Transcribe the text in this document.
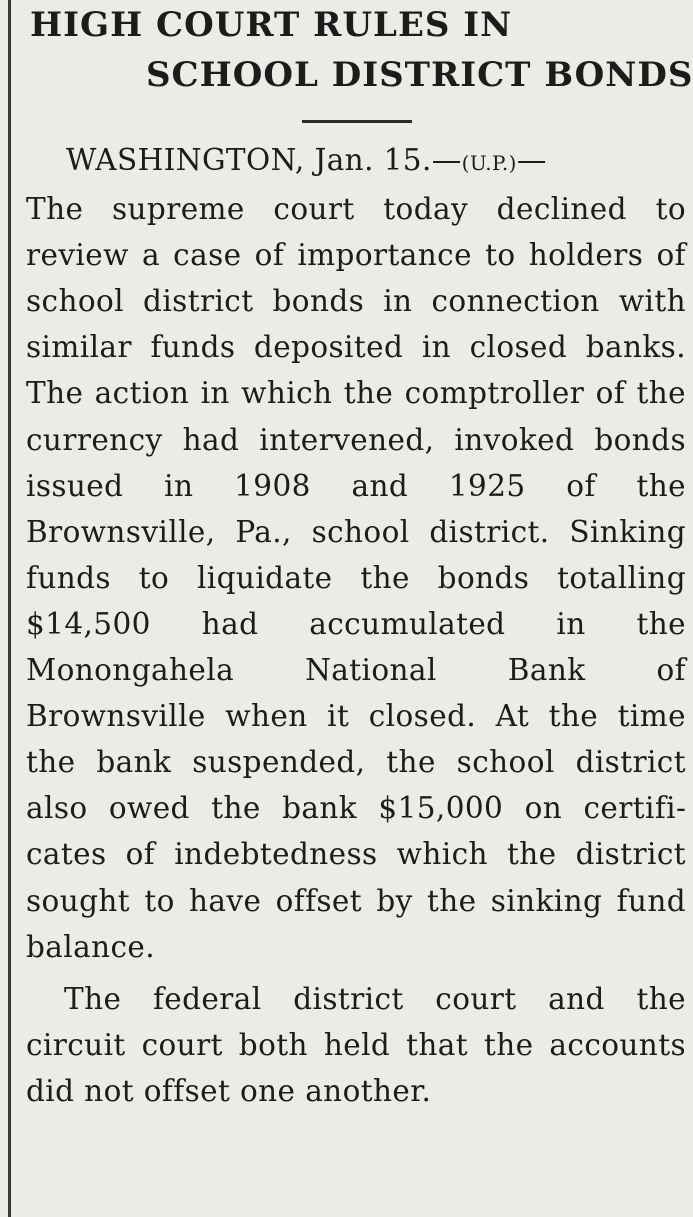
HIGH COURT RULES IN
SCHOOL DISTRICT BONDS

WASHINGTON, Jan. 15.—(U.P.)—
The supreme court today declined to review a case of importance to holders of school district bonds in connection with similar funds deposited in closed banks. The action in which the comptroller of the currency had intervened, invoked bonds issued in 1908 and 1925 of the Brownsville, Pa., school district. Sinking funds to liquidate the bonds totalling $14,500 had accumulated in the Monongahela National Bank of Brownsville when it closed. At the time the bank suspended, the school district also owed the bank $15,000 on certificates of indebtedness which the district sought to have offset by the sinking fund balance.

The federal district court and the circuit court both held that the accounts did not offset one another.
